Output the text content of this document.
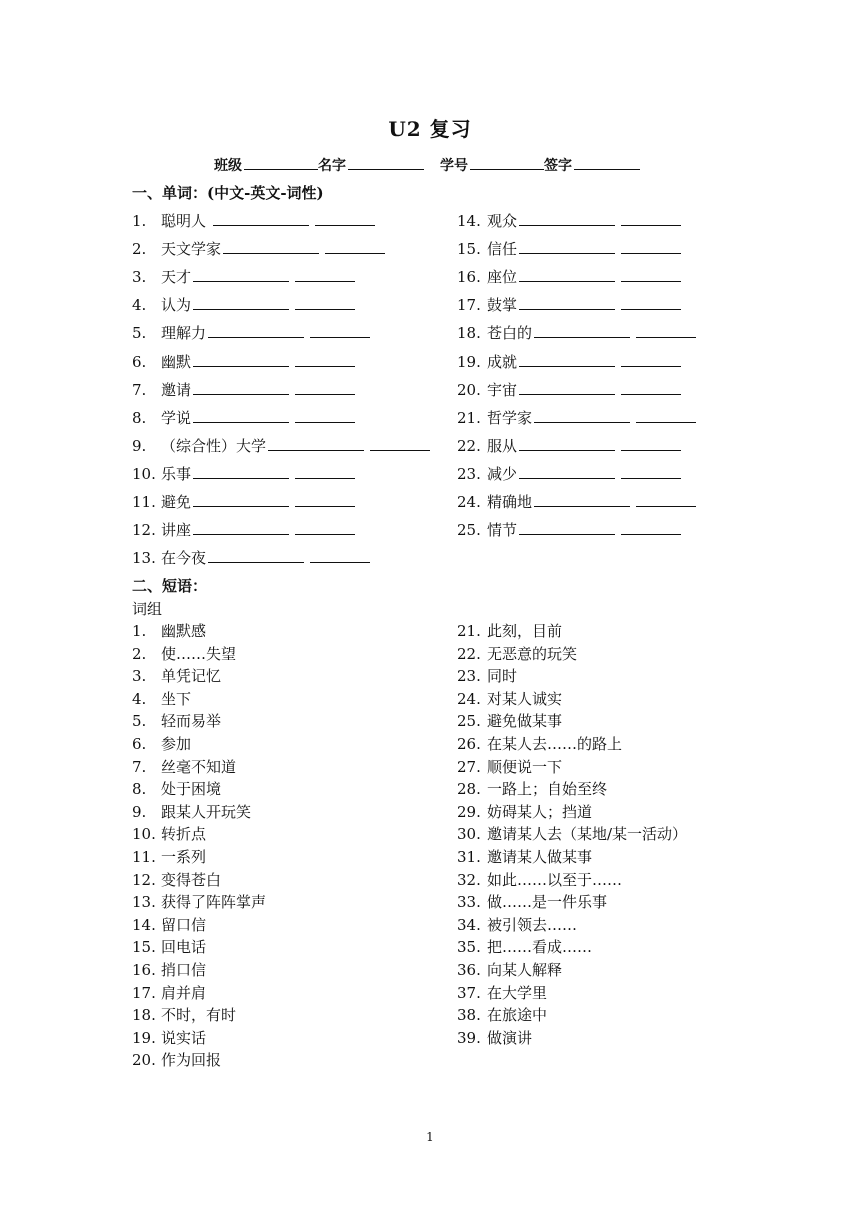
U2 复习
班级	名字	学号	签字
一、单词：(中文-英文-词性)
1. 聪明人
2. 天文学家
3. 天才
4. 认为
5. 理解力
6. 幽默
7. 邀请
8. 学说
9. （综合性）大学
10. 乐事
11. 避免
12. 讲座
13. 在今夜
14. 观众
15. 信任
16. 座位
17. 鼓掌
18. 苍白的
19. 成就
20. 宇宙
21. 哲学家
22. 服从
23. 减少
24. 精确地
25. 情节
二、短语：
词组
1. 幽默感
2. 使……失望
3. 单凭记忆
4. 坐下
5. 轻而易举
6. 参加
7. 丝毫不知道
8. 处于困境
9. 跟某人开玩笑
10. 转折点
11. 一系列
12. 变得苍白
13. 获得了阵阵掌声
14. 留口信
15. 回电话
16. 捎口信
17. 肩并肩
18. 不时，有时
19. 说实话
20. 作为回报
21. 此刻，目前
22. 无恶意的玩笑
23. 同时
24. 对某人诚实
25. 避免做某事
26. 在某人去……的路上
27. 顺便说一下
28. 一路上；自始至终
29. 妨碍某人；挡道
30. 邀请某人去（某地/某一活动）
31. 邀请某人做某事
32. 如此……以至于……
33. 做……是一件乐事
34. 被引领去……
35. 把……看成……
36. 向某人解释
37. 在大学里
38. 在旅途中
39. 做演讲
1
